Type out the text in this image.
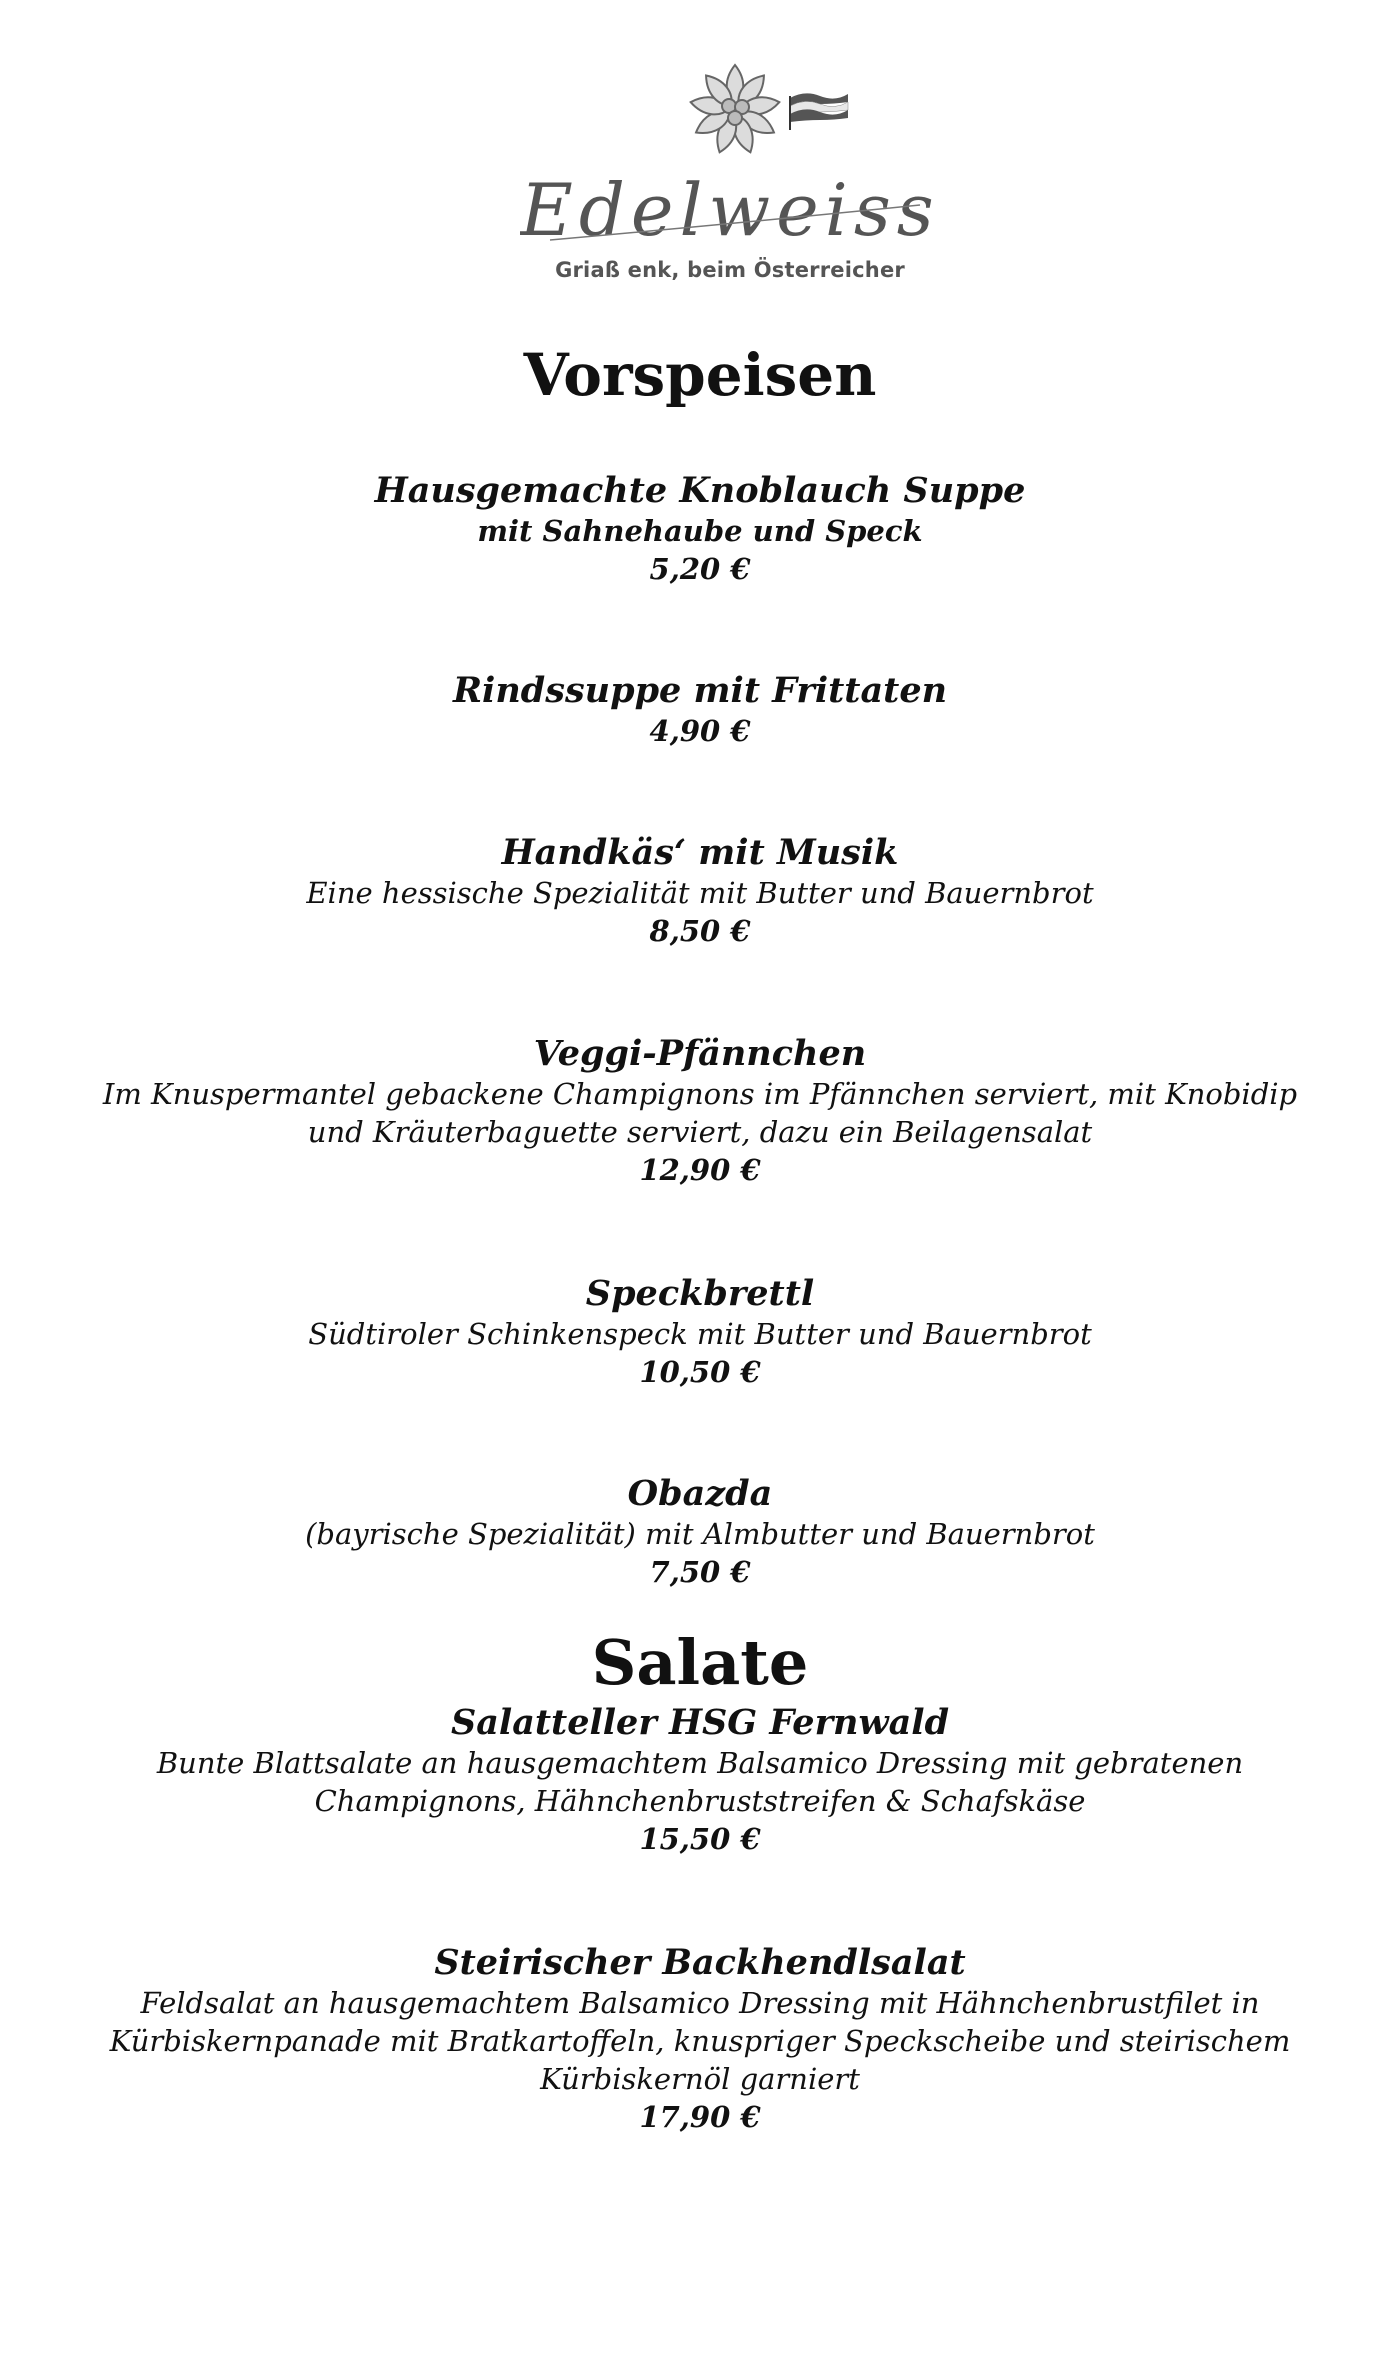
Edelweiss
Griaß enk, beim Österreicher
Vorspeisen
Hausgemachte Knoblauch Suppe
mit Sahnehaube und Speck
5,20 €
Rindssuppe mit Frittaten
4,90 €
Handkäs‘ mit Musik
Eine hessische Spezialität mit Butter und Bauernbrot
8,50 €
Veggi-Pfännchen
Im Knuspermantel gebackene Champignons im Pfännchen serviert, mit Knobidip und Kräuterbaguette serviert, dazu ein Beilagensalat
12,90 €
Speckbrettl
Südtiroler Schinkenspeck mit Butter und Bauernbrot
10,50 €
Obazda
(bayrische Spezialität) mit Almbutter und Bauernbrot
7,50 €
Salate
Salatteller HSG Fernwald
Bunte Blattsalate an hausgemachtem Balsamico Dressing mit gebratenen Champignons, Hähnchenbruststreifen & Schafskäse
15,50 €
Steirischer Backhendlsalat
Feldsalat an hausgemachtem Balsamico Dressing mit Hähnchenbrustfilet in Kürbiskernpanade mit Bratkartoffeln, knuspriger Speckscheibe und steirischem Kürbiskernöl garniert
17,90 €
